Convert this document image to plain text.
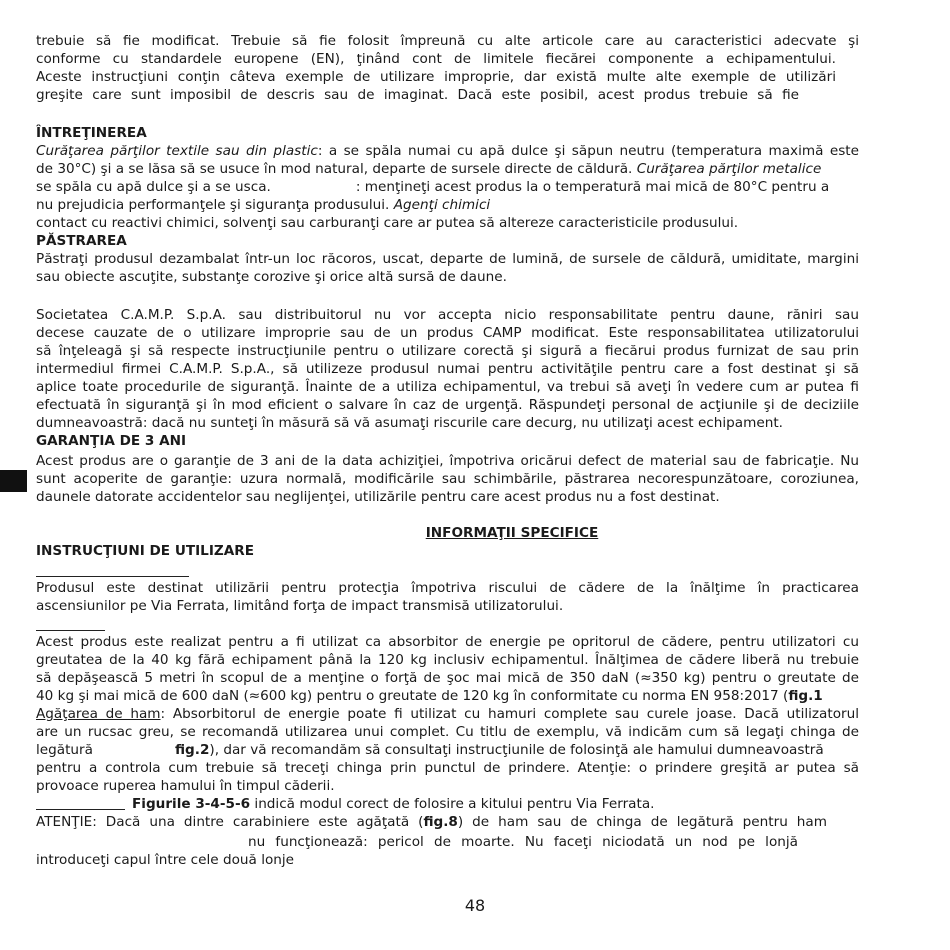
trebuie să fie modificat. Trebuie să fie folosit împreună cu alte articole care au caracteristici adecvate şi
conforme cu standardele europene (EN), ţinând cont de limitele fiecărei componente a echipamentului.
Aceste instrucţiuni conţin câteva exemple de utilizare improprie, dar există multe alte exemple de utilizări
greşite care sunt imposibil de descris sau de imaginat. Dacă este posibil, acest produs trebuie să fie
ÎNTREŢINEREA
Curăţarea părţilor textile sau din plastic: a se spăla numai cu apă dulce şi săpun neutru (temperatura maximă este
de 30°C) şi a se lăsa să se usuce în mod natural, departe de sursele directe de căldură. Curăţarea părţilor metalice
se spăla cu apă dulce şi a se usca.	: menţineţi acest produs la o temperatură mai mică de 80°C pentru a
nu prejudicia performanţele şi siguranţa produsului. Agenţi chimici
contact cu reactivi chimici, solvenţi sau carburanţi care ar putea să altereze caracteristicile produsului.
PĂSTRAREA
Păstraţi produsul dezambalat într-un loc răcoros, uscat, departe de lumină, de sursele de căldură, umiditate, margini
sau obiecte ascuţite, substanţe corozive şi orice altă sursă de daune.
Societatea C.A.M.P. S.p.A. sau distribuitorul nu vor accepta nicio responsabilitate pentru daune, răniri sau
decese cauzate de o utilizare improprie sau de un produs CAMP modificat. Este responsabilitatea utilizatorului
să înţeleagă şi să respecte instrucţiunile pentru o utilizare corectă şi sigură a fiecărui produs furnizat de sau prin
intermediul firmei C.A.M.P. S.p.A., să utilizeze produsul numai pentru activităţile pentru care a fost destinat şi să
aplice toate procedurile de siguranţă. Înainte de a utiliza echipamentul, va trebui să aveţi în vedere cum ar putea fi
efectuată în siguranţă şi în mod eficient o salvare în caz de urgenţă. Răspundeţi personal de acţiunile şi de deciziile
dumneavoastră: dacă nu sunteţi în măsură să vă asumaţi riscurile care decurg, nu utilizaţi acest echipament.
GARANŢIA DE 3 ANI
Acest produs are o garanţie de 3 ani de la data achiziţiei, împotriva oricărui defect de material sau de fabricaţie. Nu
sunt acoperite de garanţie: uzura normală, modificările sau schimbările, păstrarea necorespunzătoare, coroziunea,
daunele datorate accidentelor sau neglijenţei, utilizările pentru care acest produs nu a fost destinat.
INFORMAŢII SPECIFICE
INSTRUCŢIUNI DE UTILIZARE
Produsul este destinat utilizării pentru protecţia împotriva riscului de cădere de la înălţime în practicarea
ascensiunilor pe Via Ferrata, limitând forţa de impact transmisă utilizatorului.
Acest produs este realizat pentru a fi utilizat ca absorbitor de energie pe opritorul de cădere, pentru utilizatori cu
greutatea de la 40 kg fără echipament până la 120 kg inclusiv echipamentul. Înălţimea de cădere liberă nu trebuie
să depăşească 5 metri în scopul de a menţine o forţă de şoc mai mică de 350 daN (≈350 kg) pentru o greutate de
40 kg şi mai mică de 600 daN (≈600 kg) pentru o greutate de 120 kg în conformitate cu norma EN 958:2017 (fig.1
Agăţarea de ham: Absorbitorul de energie poate fi utilizat cu hamuri complete sau curele joase. Dacă utilizatorul
are un rucsac greu, se recomandă utilizarea unui complet. Cu titlu de exemplu, vă indicăm cum să legaţi chinga de
legătură	fig.2), dar vă recomandăm să consultaţi instrucţiunile de folosinţă ale hamului dumneavoastră
pentru a controla cum trebuie să treceţi chinga prin punctul de prindere. Atenţie: o prindere greşită ar putea să
provoace ruperea hamului în timpul căderii.
Figurile 3-4-5-6 indică modul corect de folosire a kitului pentru Via Ferrata.
ATENŢIE: Dacă una dintre carabiniere este agăţată (fig.8) de ham sau de chinga de legătură pentru ham
nu funcţionează: pericol de moarte. Nu faceţi niciodată un nod pe lonjă
introduceţi capul între cele două lonje
48
